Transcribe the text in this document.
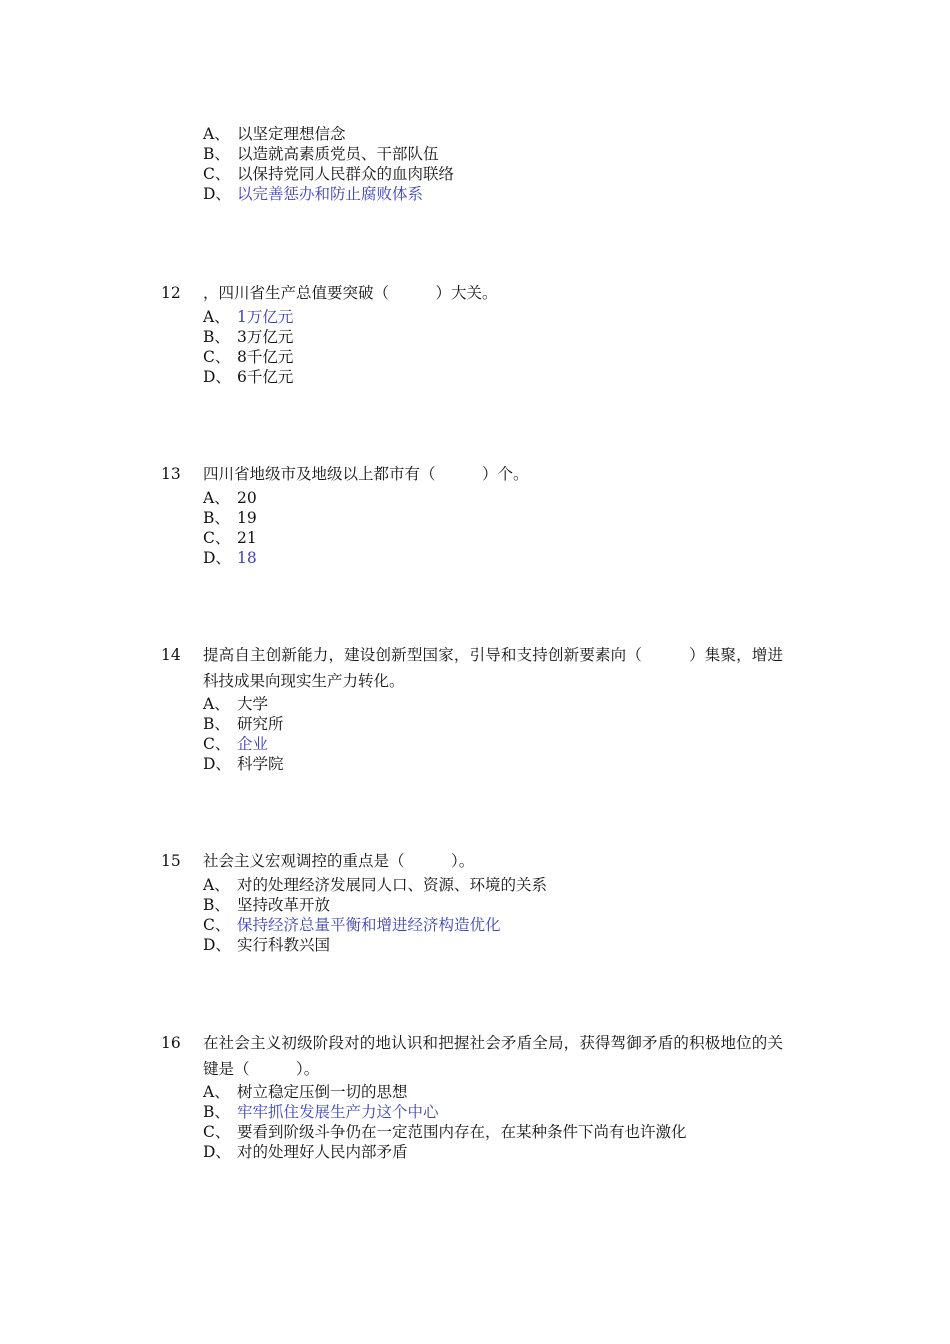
A、 以坚定理想信念
B、 以造就高素质党员、干部队伍
C、 以保持党同人民群众的血肉联络
D、 以完善惩办和防止腐败体系
12 ，四川省生产总值要突破（　　　）大关。
A、 1万亿元
B、 3万亿元
C、 8千亿元
D、 6千亿元
13 四川省地级市及地级以上都市有（　　　）个。
A、 20
B、 19
C、 21
D、 18
14 提高自主创新能力，建设创新型国家，引导和支持创新要素向（　　　）集聚，增进科技成果向现实生产力转化。
A、 大学
B、 研究所
C、 企业
D、 科学院
15 社会主义宏观调控的重点是（　　　）。
A、 对的处理经济发展同人口、资源、环境的关系
B、 坚持改革开放
C、 保持经济总量平衡和增进经济构造优化
D、 实行科教兴国
16 在社会主义初级阶段对的地认识和把握社会矛盾全局，获得驾御矛盾的积极地位的关键是（　　　）。
A、 树立稳定压倒一切的思想
B、 牢牢抓住发展生产力这个中心
C、 要看到阶级斗争仍在一定范围内存在，在某种条件下尚有也许激化
D、 对的处理好人民内部矛盾
